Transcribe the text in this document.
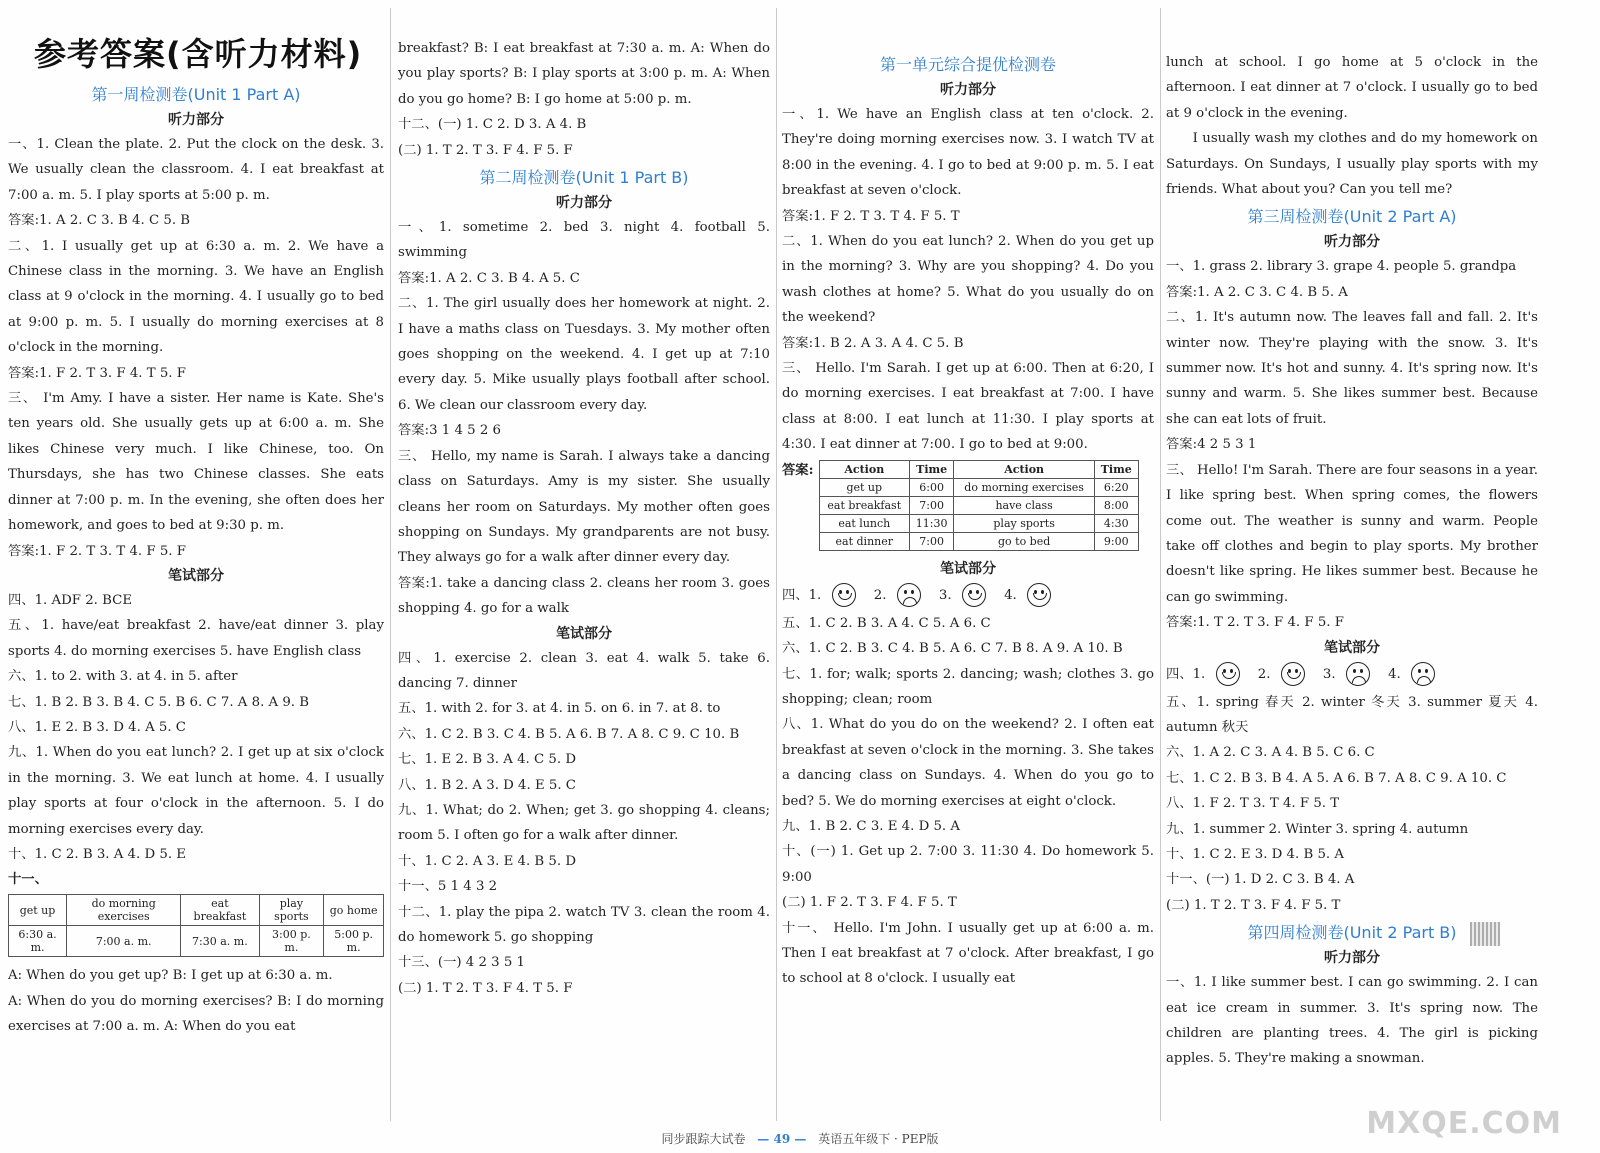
参考答案(含听力材料)
第一周检测卷(Unit 1 Part A)
听力部分

一、1. Clean the plate. 2. Put the clock on the desk. 3. We usually clean the classroom. 4. I eat breakfast at 7:00 a. m. 5. I play sports at 5:00 p. m.

答案:1. A 2. C 3. B 4. C 5. B

二、1. I usually get up at 6:30 a. m. 2. We have a Chinese class in the morning. 3. We have an English class at 9 o'clock in the morning. 4. I usually go to bed at 9:00 p. m. 5. I usually do morning exercises at 8 o'clock in the morning.

答案:1. F 2. T 3. F 4. T 5. F

三、 I'm Amy. I have a sister. Her name is Kate. She's ten years old. She usually gets up at 6:00 a. m. She likes Chinese very much. I like Chinese, too. On Thursdays, she has two Chinese classes. She eats dinner at 7:00 p. m. In the evening, she often does her homework, and goes to bed at 9:30 p. m.

答案:1. F 2. T 3. T 4. F 5. F

笔试部分

四、1. ADF 2. BCE

五、1. have/eat breakfast 2. have/eat dinner 3. play sports 4. do morning exercises 5. have English class

六、1. to 2. with 3. at 4. in 5. after

七、1. B 2. B 3. B 4. C 5. B 6. C 7. A 8. A 9. B

八、1. E 2. B 3. D 4. A 5. C

九、1. When do you eat lunch? 2. I get up at six o'clock in the morning. 3. We eat lunch at home. 4. I usually play sports at four o'clock in the afternoon. 5. I do morning exercises every day.

十、1. C 2. B 3. A 4. D 5. E

十一、 get up	do morning exercises	eat breakfast	play sports	go home
6:30 a. m.	7:00 a. m.	7:30 a. m.	3:00 p. m.	5:00 p. m.

A: When do you get up? B: I get up at 6:30 a. m.

A: When do you do morning exercises? B: I do morning exercises at 7:00 a. m. A: When do you eat

breakfast? B: I eat breakfast at 7:30 a. m. A: When do you play sports? B: I play sports at 3:00 p. m. A: When do you go home? B: I go home at 5:00 p. m.

十二、(一) 1. C 2. D 3. A 4. B

(二) 1. T 2. T 3. F 4. F 5. F

第二周检测卷(Unit 1 Part B)
听力部分

一、1. sometime 2. bed 3. night 4. football 5. swimming

答案:1. A 2. C 3. B 4. A 5. C

二、1. The girl usually does her homework at night. 2. I have a maths class on Tuesdays. 3. My mother often goes shopping on the weekend. 4. I get up at 7:10 every day. 5. Mike usually plays football after school. 6. We clean our classroom every day.

答案:3 1 4 5 2 6

三、 Hello, my name is Sarah. I always take a dancing class on Saturdays. Amy is my sister. She usually cleans her room on Saturdays. My mother often goes shopping on Sundays. My grandparents are not busy. They always go for a walk after dinner every day.

答案:1. take a dancing class 2. cleans her room 3. goes shopping 4. go for a walk

笔试部分

四、1. exercise 2. clean 3. eat 4. walk 5. take 6. dancing 7. dinner

五、1. with 2. for 3. at 4. in 5. on 6. in 7. at 8. to

六、1. C 2. B 3. C 4. B 5. A 6. B 7. A 8. C 9. C 10. B

七、1. E 2. B 3. A 4. C 5. D

八、1. B 2. A 3. D 4. E 5. C

九、1. What; do 2. When; get 3. go shopping 4. cleans; room 5. I often go for a walk after dinner.

十、1. C 2. A 3. E 4. B 5. D

十一、5 1 4 3 2

十二、1. play the pipa 2. watch TV 3. clean the room 4. do homework 5. go shopping

十三、(一) 4 2 3 5 1

(二) 1. T 2. T 3. F 4. T 5. F

第一单元综合提优检测卷
听力部分

一、1. We have an English class at ten o'clock. 2. They're doing morning exercises now. 3. I watch TV at 8:00 in the evening. 4. I go to bed at 9:00 p. m. 5. I eat breakfast at seven o'clock.

答案:1. F 2. T 3. T 4. F 5. T

二、1. When do you eat lunch? 2. When do you get up in the morning? 3. Why are you shopping? 4. Do you wash clothes at home? 5. What do you usually do on the weekend?

答案:1. B 2. A 3. A 4. C 5. B

三、 Hello. I'm Sarah. I get up at 6:00. Then at 6:20, I do morning exercises. I eat breakfast at 7:00. I have class at 8:00. I eat lunch at 11:30. I play sports at 4:30. I eat dinner at 7:00. I go to bed at 9:00.

答案:	Action	Time	Action	Time
get up	6:00	do morning exercises	6:20
eat breakfast	7:00	have class	8:00
eat lunch	11:30	play sports	4:30
eat dinner	7:00	go to bed	9:00
笔试部分

四、1.	2.	3.	4.

五、1. C 2. B 3. A 4. C 5. A 6. C

六、1. C 2. B 3. C 4. B 5. A 6. C 7. B 8. A 9. A 10. B

七、1. for; walk; sports 2. dancing; wash; clothes 3. go shopping; clean; room

八、1. What do you do on the weekend? 2. I often eat breakfast at seven o'clock in the morning. 3. She takes a dancing class on Sundays. 4. When do you go to bed? 5. We do morning exercises at eight o'clock.

九、1. B 2. C 3. E 4. D 5. A

十、(一) 1. Get up 2. 7:00 3. 11:30 4. Do homework 5. 9:00

(二) 1. F 2. T 3. F 4. F 5. T

十一、 Hello. I'm John. I usually get up at 6:00 a. m. Then I eat breakfast at 7 o'clock. After breakfast, I go to school at 8 o'clock. I usually eat

lunch at school. I go home at 5 o'clock in the afternoon. I eat dinner at 7 o'clock. I usually go to bed at 9 o'clock in the evening.

I usually wash my clothes and do my homework on Saturdays. On Sundays, I usually play sports with my friends. What about you? Can you tell me?

第三周检测卷(Unit 2 Part A)
听力部分

一、1. grass 2. library 3. grape 4. people 5. grandpa

答案:1. A 2. C 3. C 4. B 5. A

二、1. It's autumn now. The leaves fall and fall. 2. It's winter now. They're playing with the snow. 3. It's summer now. It's hot and sunny. 4. It's spring now. It's sunny and warm. 5. She likes summer best. Because she can eat lots of fruit.

答案:4 2 5 3 1

三、 Hello! I'm Sarah. There are four seasons in a year. I like spring best. When spring comes, the flowers come out. The weather is sunny and warm. People take off clothes and begin to play sports. My brother doesn't like spring. He likes summer best. Because he can go swimming.

答案:1. T 2. T 3. F 4. F 5. F

笔试部分

四、1.	2.	3.	4.

五、1. spring 春天 2. winter 冬天 3. summer 夏天 4. autumn 秋天

六、1. A 2. C 3. A 4. B 5. C 6. C

七、1. C 2. B 3. B 4. A 5. A 6. B 7. A 8. C 9. A 10. C

八、1. F 2. T 3. T 4. F 5. T

九、1. summer 2. Winter 3. spring 4. autumn

十、1. C 2. E 3. D 4. B 5. A

十一、(一) 1. D 2. C 3. B 4. A

(二) 1. T 2. T 3. F 4. F 5. T

第四周检测卷(Unit 2 Part B)
听力部分

一、1. I like summer best. I can go swimming. 2. I can eat ice cream in summer. 3. It's spring now. The children are planting trees. 4. The girl is picking apples. 5. They're making a snowman.

MXQE.COM
同步跟踪大试卷 — 49 — 英语五年级下 · PEP版
